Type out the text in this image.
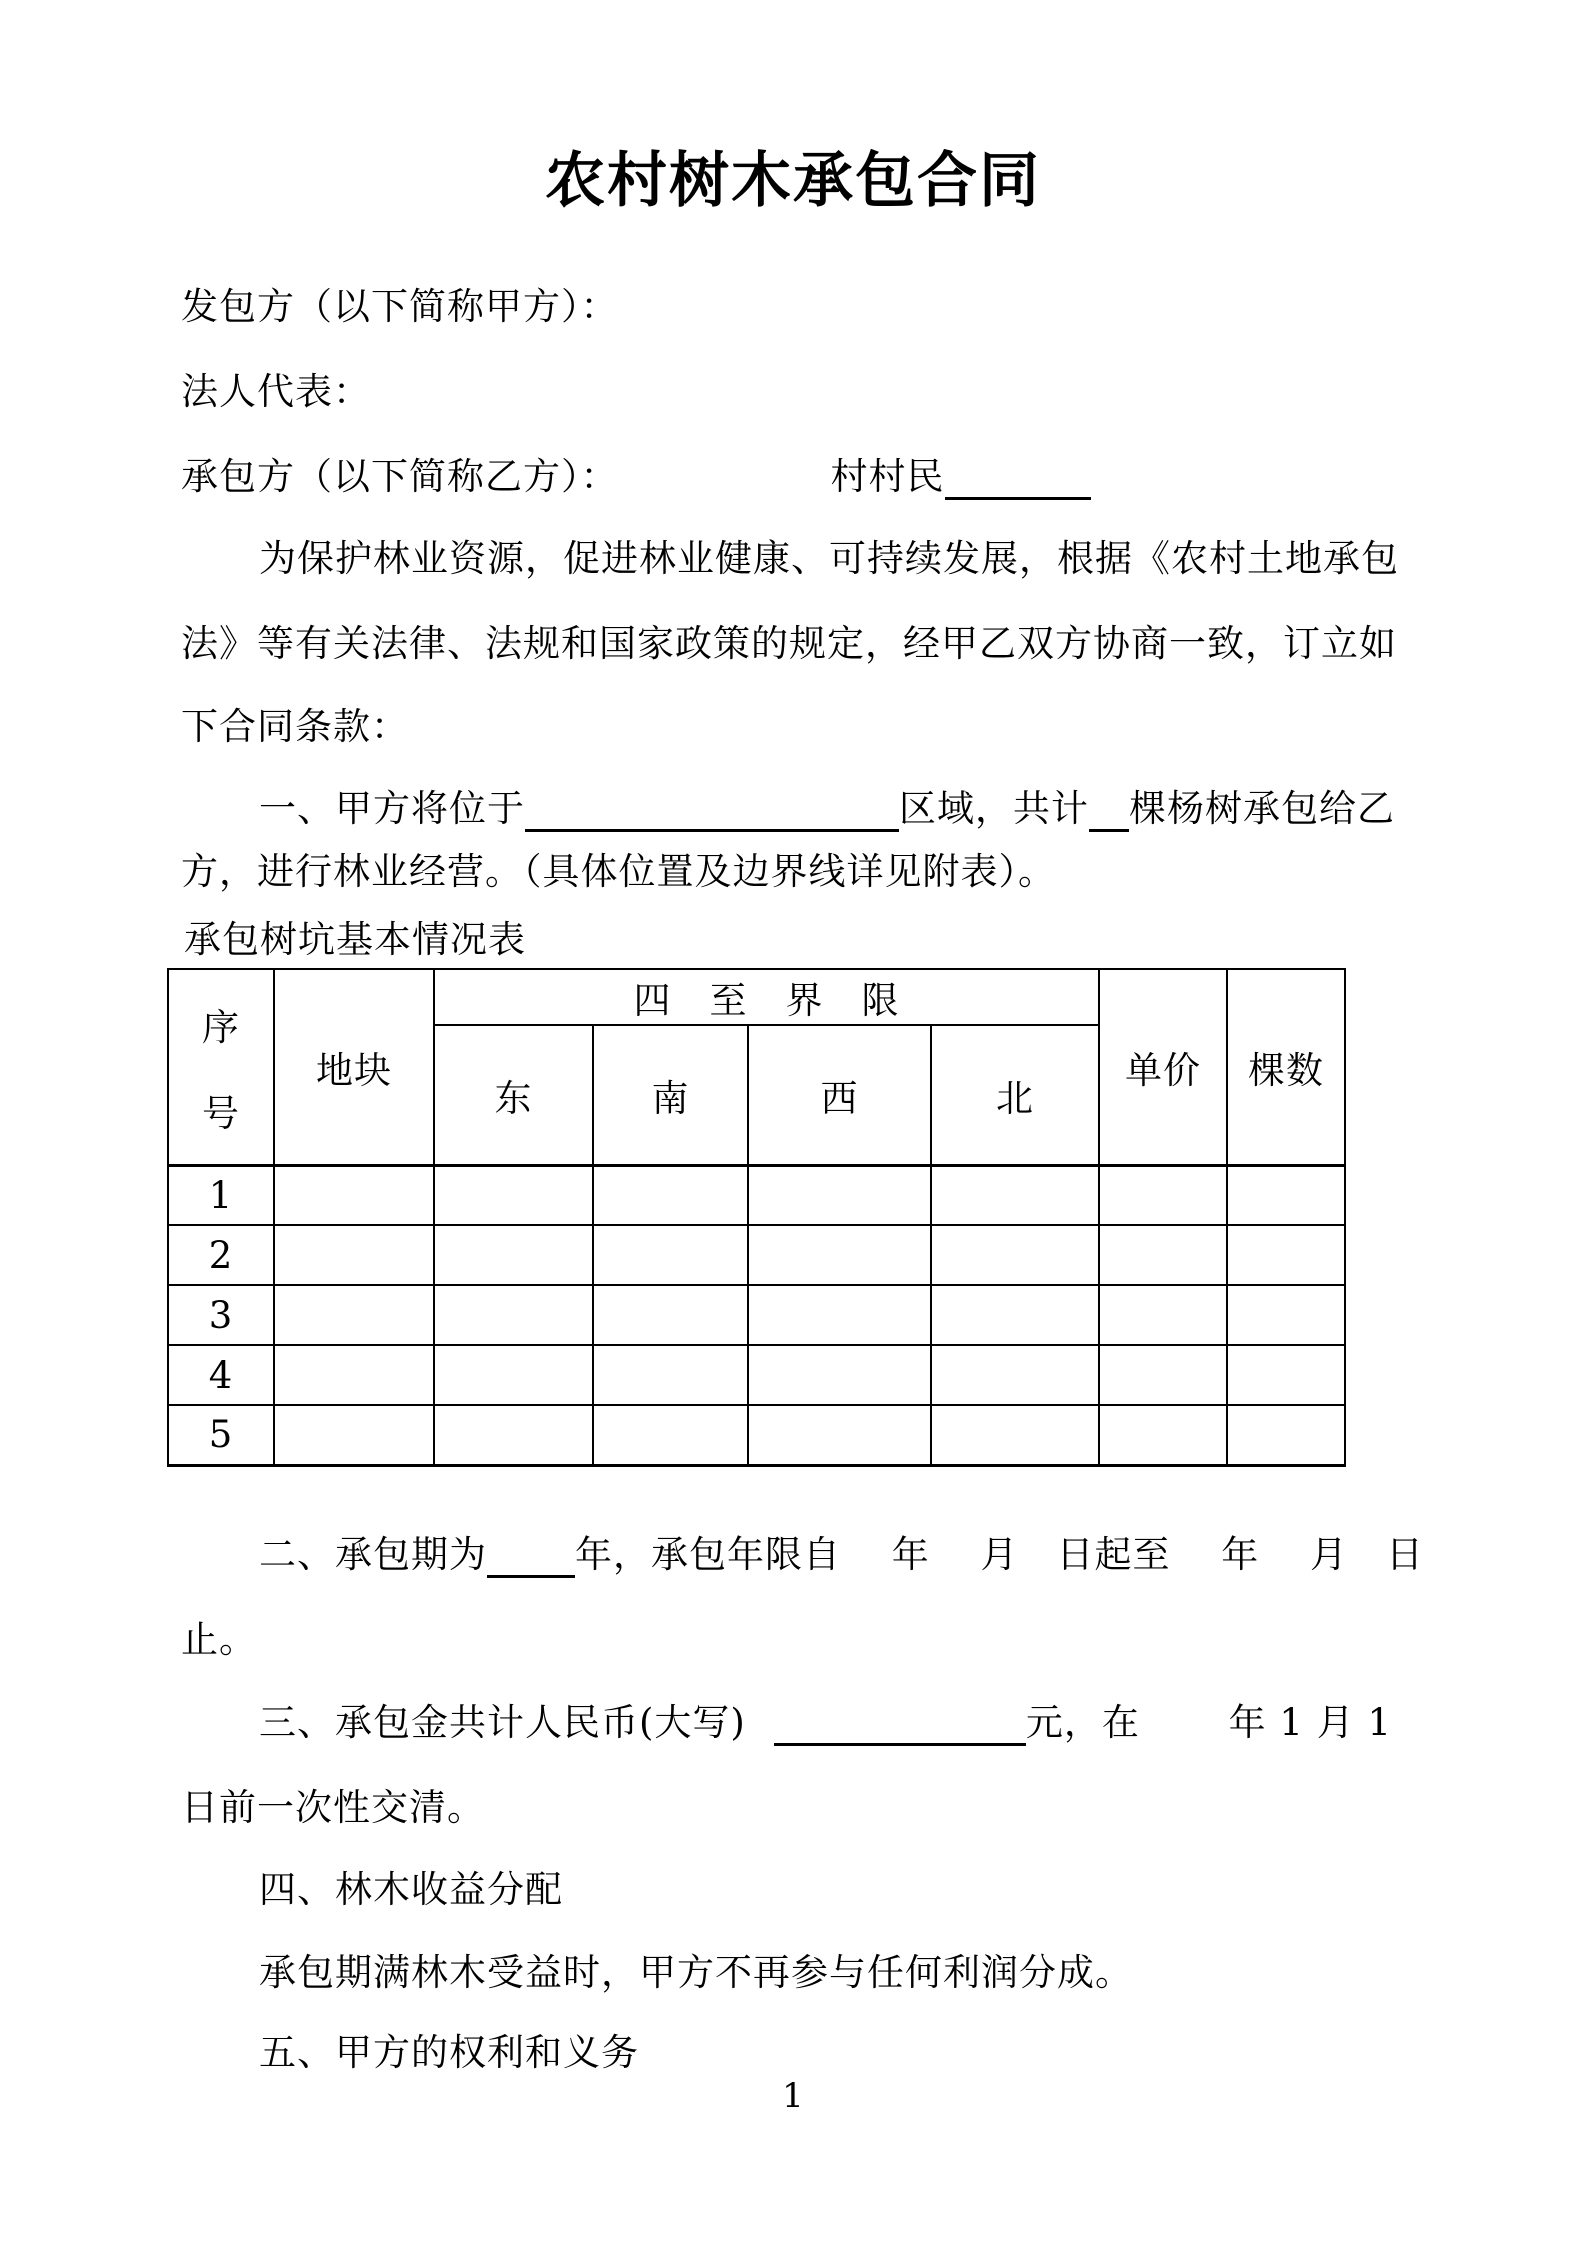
农村树木承包合同

发包方（以下简称甲方）：

法人代表：

承包方（以下简称乙方）：	村村民

为保护林业资源，促进林业健康、可持续发展，根据《农村土地承包

法》等有关法律、法规和国家政策的规定，经甲乙双方协商一致，订立如

下合同条款：

一、甲方将位于	区域，共计 棵杨树承包给乙

方，进行林业经营。（具体位置及边界线详见附表）。

承包树坑基本情况表

序
号	地块	四　至　界　限				单价	棵数
		东	南	西	北		
1							
2							
3							
4							
5							

二、承包期为 年，承包年限自　 年　 月　日起至　 年　 月　日

止。

三、承包金共计人民币(大写)	元，在　　 年 1 月 1

日前一次性交清。

四、林木收益分配

承包期满林木受益时，甲方不再参与任何利润分成。

五、甲方的权利和义务

1
